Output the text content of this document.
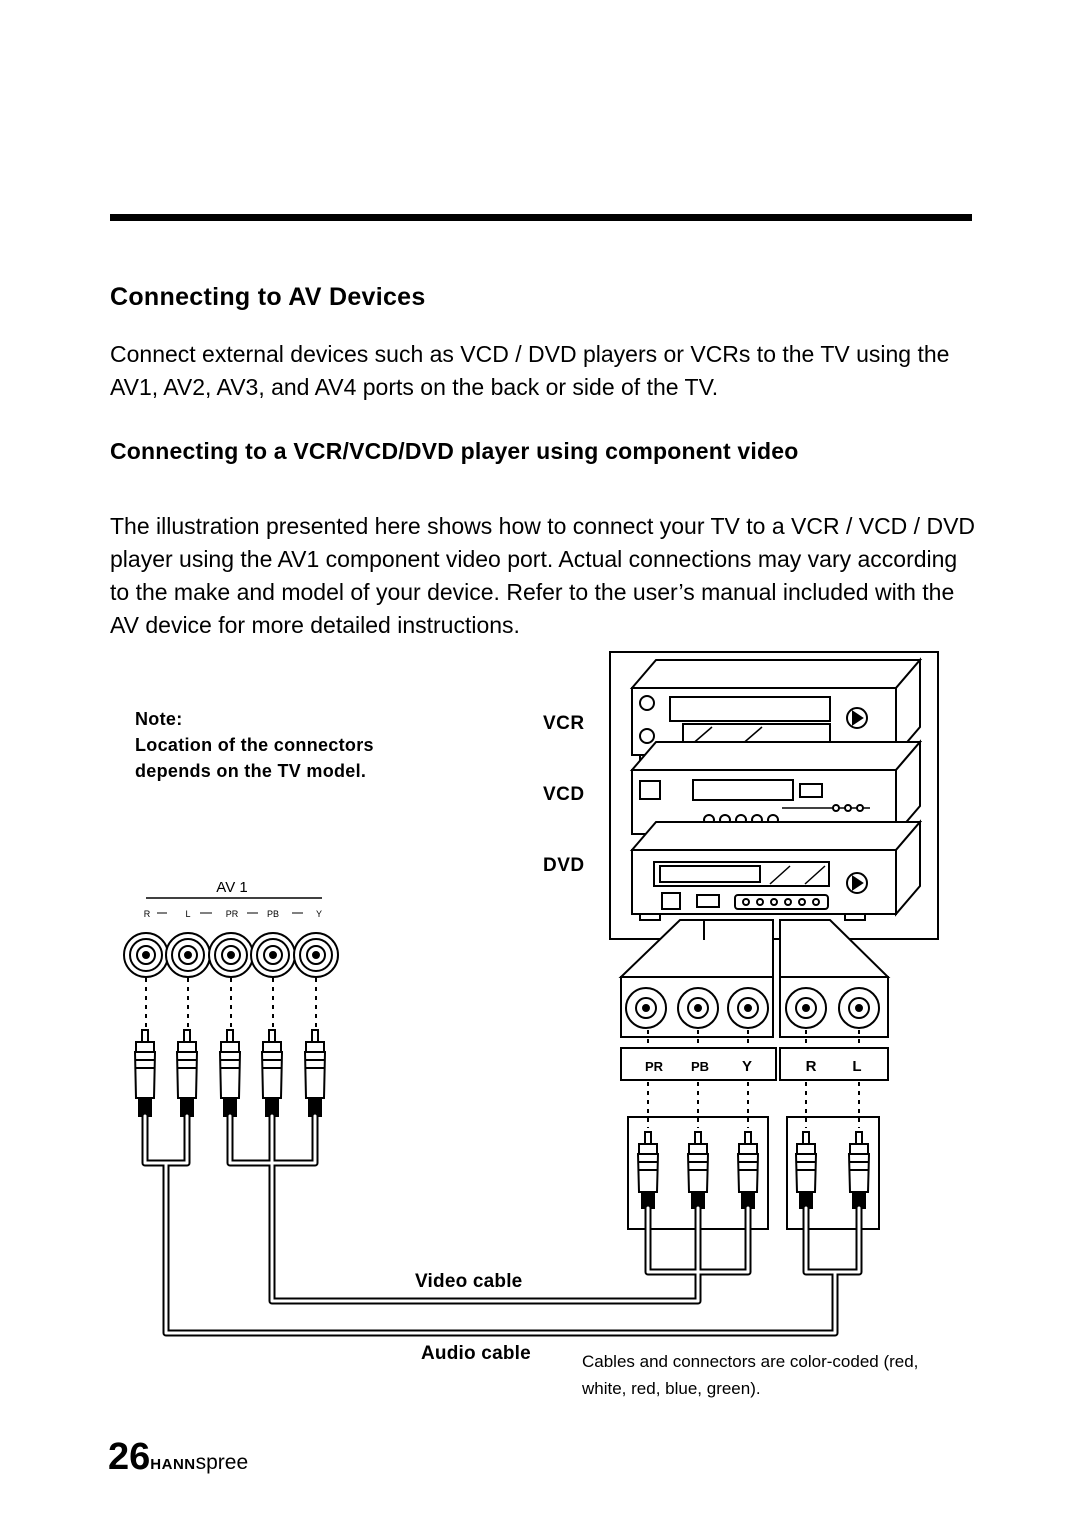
Connecting to AV Devices
Connect external devices such as VCD / DVD players or VCRs to the TV using the AV1, AV2, AV3, and AV4 ports on the back or side of the TV.
Connecting to a VCR/VCD/DVD player using component video
The illustration presented here shows how to connect your TV to a VCR / VCD / DVD player using the AV1 component video port. Actual connections may vary according to the make and model of your device. Refer to the user’s manual included with the AV device for more detailed instructions.
Note:
Location of the connectors
depends on the TV model.
VCR
VCD
DVD
Video cable
Audio cable	Cables and connectors are color-coded (red, white, red, blue, green).
26HANNspree
PR PB Y	R L
AV 1
R	L	PR	PB	Y
